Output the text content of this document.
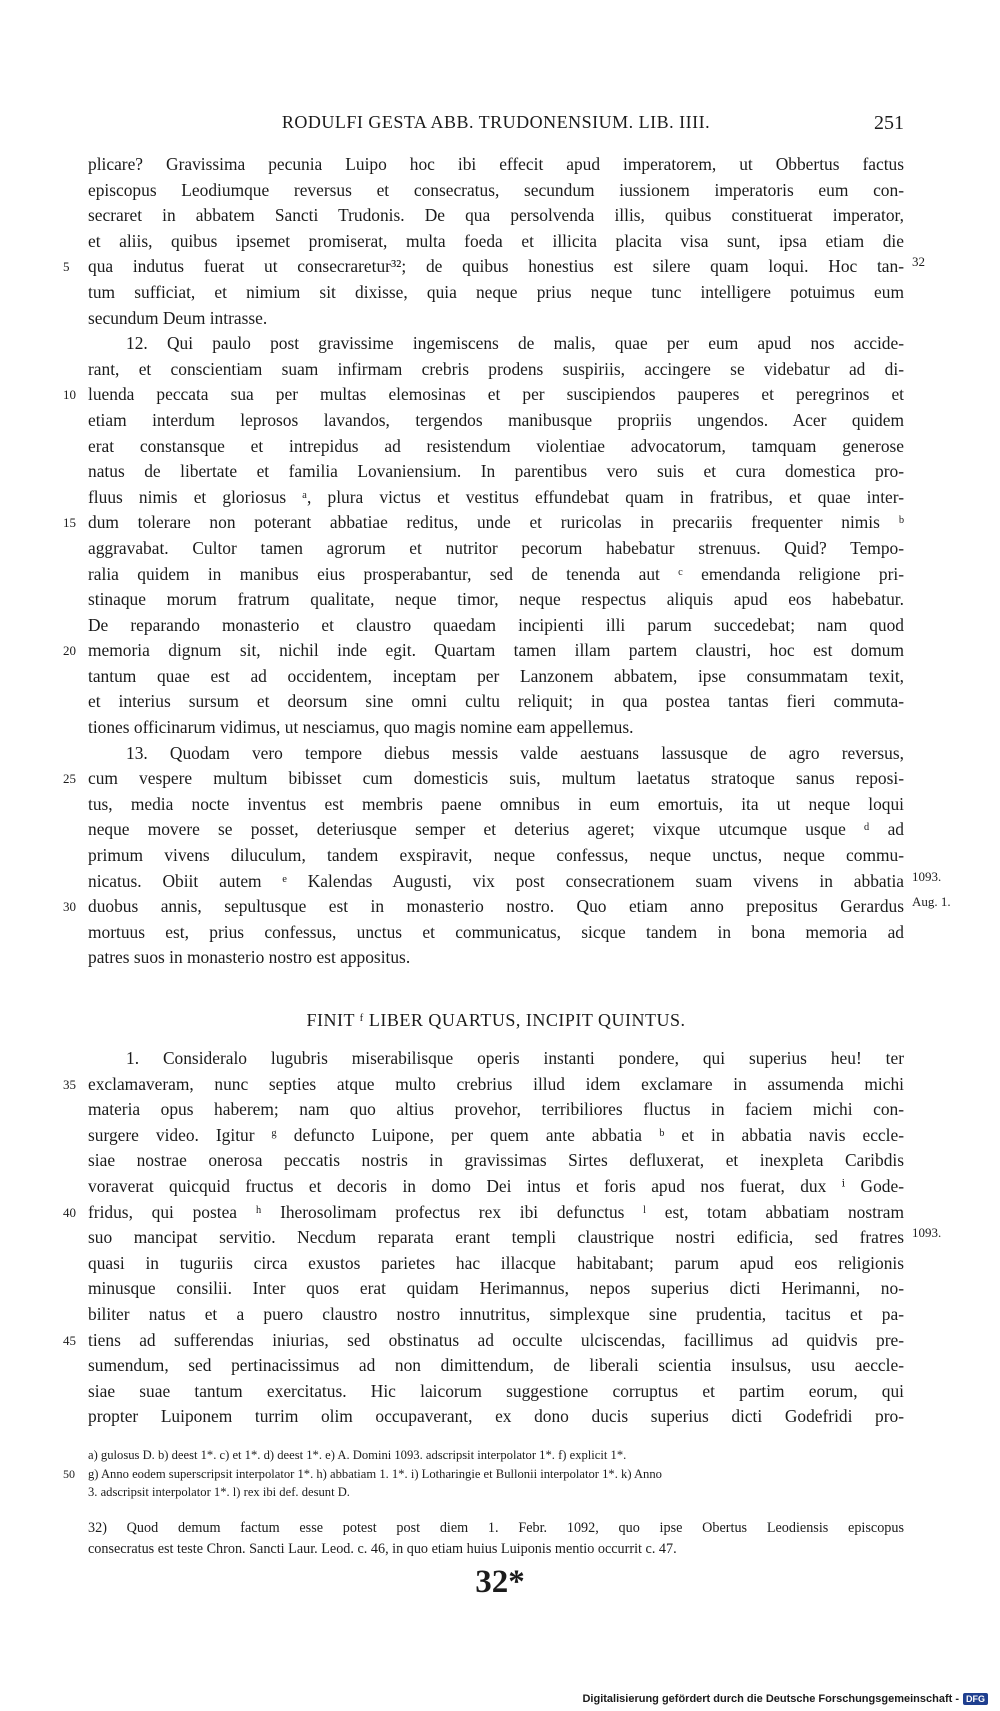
RODULFI GESTA ABB. TRUDONENSIUM. LIB. IIII.	251
plicare? Gravissima pecunia Luipo hoc ibi effecit apud imperatorem, ut Obbertus factus
episcopus Leodiumque reversus et consecratus, secundum iussionem imperatoris eum con-
secraret in abbatem Sancti Trudonis. De qua persolvenda illis, quibus constituerat imperator,
et aliis, quibus ipsemet promiserat, multa foeda et illicita placita visa sunt, ipsa etiam die
5	qua indutus fuerat ut consecraretur³²; de quibus honestius est silere quam loqui. Hoc tan- 32
tum sufficiat, et nimium sit dixisse, quia neque prius neque tunc intelligere potuimus eum
secundum Deum intrasse.
12. Qui paulo post gravissime ingemiscens de malis, quae per eum apud nos accide-
rant, et conscientiam suam infirmam crebris prodens suspiriis, accingere se videbatur ad di-
10 luenda peccata sua per multas elemosinas et per suscipiendos pauperes et peregrinos et
etiam interdum leprosos lavandos, tergendos manibusque propriis ungendos. Acer quidem
erat constansque et intrepidus ad resistendum violentiae advocatorum, tamquam generose
natus de libertate et familia Lovaniensium. In parentibus vero suis et cura domestica pro-
fluus nimis et gloriosus ᵃ, plura victus et vestitus effundebat quam in fratribus, et quae inter-
15 dum tolerare non poterant abbatiae reditus, unde et ruricolas in precariis frequenter nimis ᵇ
aggravabat. Cultor tamen agrorum et nutritor pecorum habebatur strenuus. Quid? Tempo-
ralia quidem in manibus eius prosperabantur, sed de tenenda aut ᶜ emendanda religione pri-
stinaque morum fratrum qualitate, neque timor, neque respectus aliquis apud eos habebatur.
De reparando monasterio et claustro quaedam incipienti illi parum succedebat; nam quod
20 memoria dignum sit, nichil inde egit. Quartam tamen illam partem claustri, hoc est domum
tantum quae est ad occidentem, inceptam per Lanzonem abbatem, ipse consummatam texit,
et interius sursum et deorsum sine omni cultu reliquit; in qua postea tantas fieri commuta-
tiones officinarum vidimus, ut nesciamus, quo magis nomine eam appellemus.
13. Quodam vero tempore diebus messis valde aestuans lassusque de agro reversus,
25 cum vespere multum bibisset cum domesticis suis, multum laetatus stratoque sanus reposi-
tus, media nocte inventus est membris paene omnibus in eum emortuis, ita ut neque loqui
neque movere se posset, deteriusque semper et deterius ageret; vixque utcumque usque ᵈ ad
primum vivens diluculum, tandem exspiravit, neque confessus, neque unctus, neque commu-
nicatus. Obiit autem ᵉ Kalendas Augusti, vix post consecrationem suam vivens in abbatia 1093.
30 duobus annis, sepultusque est in monasterio nostro. Quo etiam anno prepositus Gerardus Aug. 1.
mortuus est, prius confessus, unctus et communicatus, sicque tandem in bona memoria ad
patres suos in monasterio nostro est appositus.
FINIT ᶠ LIBER QUARTUS, INCIPIT QUINTUS.
1. Consideralo lugubris miserabilisque operis instanti pondere, qui superius heu! ter
35 exclamaveram, nunc septies atque multo crebrius illud idem exclamare in assumenda michi
materia opus haberem; nam quo altius provehor, terribiliores fluctus in faciem michi con-
surgere video. Igitur ᵍ defuncto Luipone, per quem ante abbatia ᵇ et in abbatia navis eccle-
siae nostrae onerosa peccatis nostris in gravissimas Sirtes defluxerat, et inexpleta Caribdis
voraverat quicquid fructus et decoris in domo Dei intus et foris apud nos fuerat, dux ⁱ Gode-
40 fridus, qui postea ʰ Iherosolimam profectus rex ibi defunctus ˡ est, totam abbatiam nostram
suo mancipat servitio. Necdum reparata erant templi claustrique nostri edificia, sed fratres 1093.
quasi in tuguriis circa exustos parietes hac illacque habitabant; parum apud eos religionis
minusque consilii. Inter quos erat quidam Herimannus, nepos superius dicti Herimanni, no-
biliter natus et a puero claustro nostro innutritus, simplexque sine prudentia, tacitus et pa-
45 tiens ad sufferendas iniurias, sed obstinatus ad occulte ulciscendas, facillimus ad quidvis pre-
sumendum, sed pertinacissimus ad non dimittendum, de liberali scientia insulsus, usu aeccle-
siae suae tantum exercitatus. Hic laicorum suggestione corruptus et partim eorum, qui
propter Luiponem turrim olim occupaverant, ex dono ducis superius dicti Godefridi pro-
a) gulosus D. b) deest 1*. c) et 1*. d) deest 1*. e) A. Domini 1093. adscripsit interpolator 1*. f) explicit 1*.
50	g) Anno eodem superscripsit interpolator 1*. h) abbatiam 1. 1*. i) Lotharingie et Bullonii interpolator 1*. k) Anno
3. adscripsit interpolator 1*. l) rex ibi def. desunt D.
32) Quod demum factum esse potest post diem 1. Febr. 1092, quo ipse Obertus Leodiensis episcopus
consecratus est teste Chron. Sancti Laur. Leod. c. 46, in quo etiam huius Luiponis mentio occurrit c. 47.
32*
Digitalisierung gefördert durch die Deutsche Forschungsgemeinschaft - DFG
